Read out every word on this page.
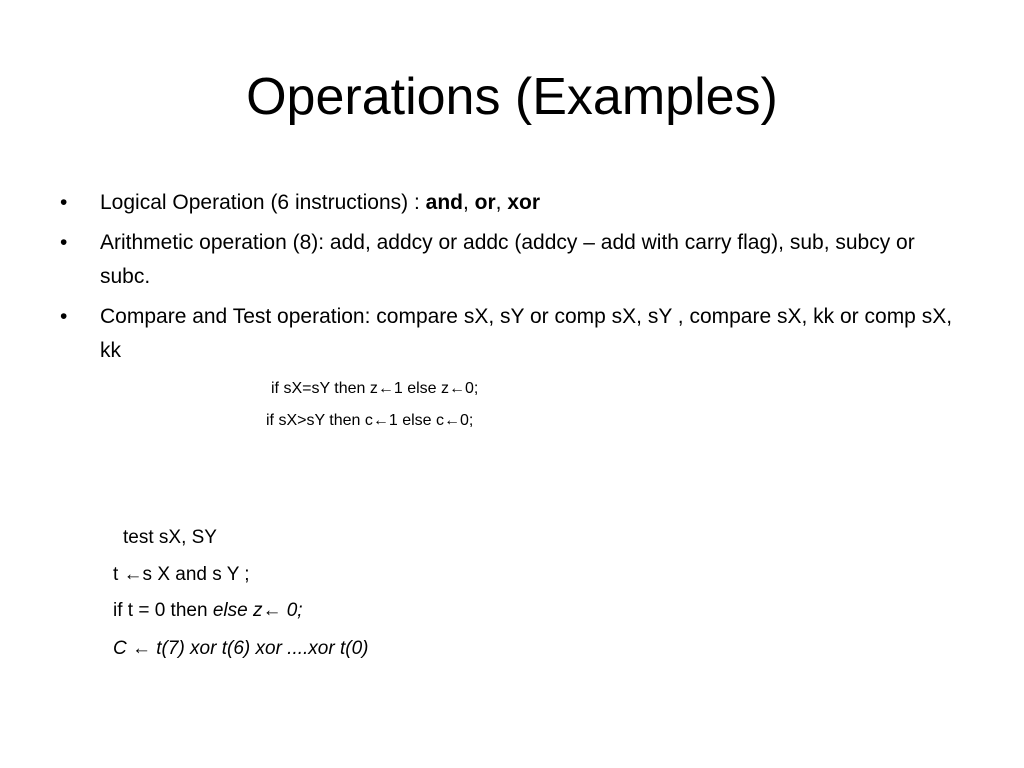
Operations (Examples)
•	Logical Operation (6 instructions) : and, or, xor
•	Arithmetic operation (8): add, addcy or addc (addcy – add with carry flag), sub, subcy or subc.
•	Compare and Test operation: compare sX, sY or comp sX, sY , compare sX, kk or comp sX, kk
if sX=sY then z←1 else z←0;
if sX>sY then c←1 else c←0;
test sX, SY
t ←s X and s Y ;
if t = 0 then else z← 0;
C ← t(7) xor t(6) xor ....xor t(0)
